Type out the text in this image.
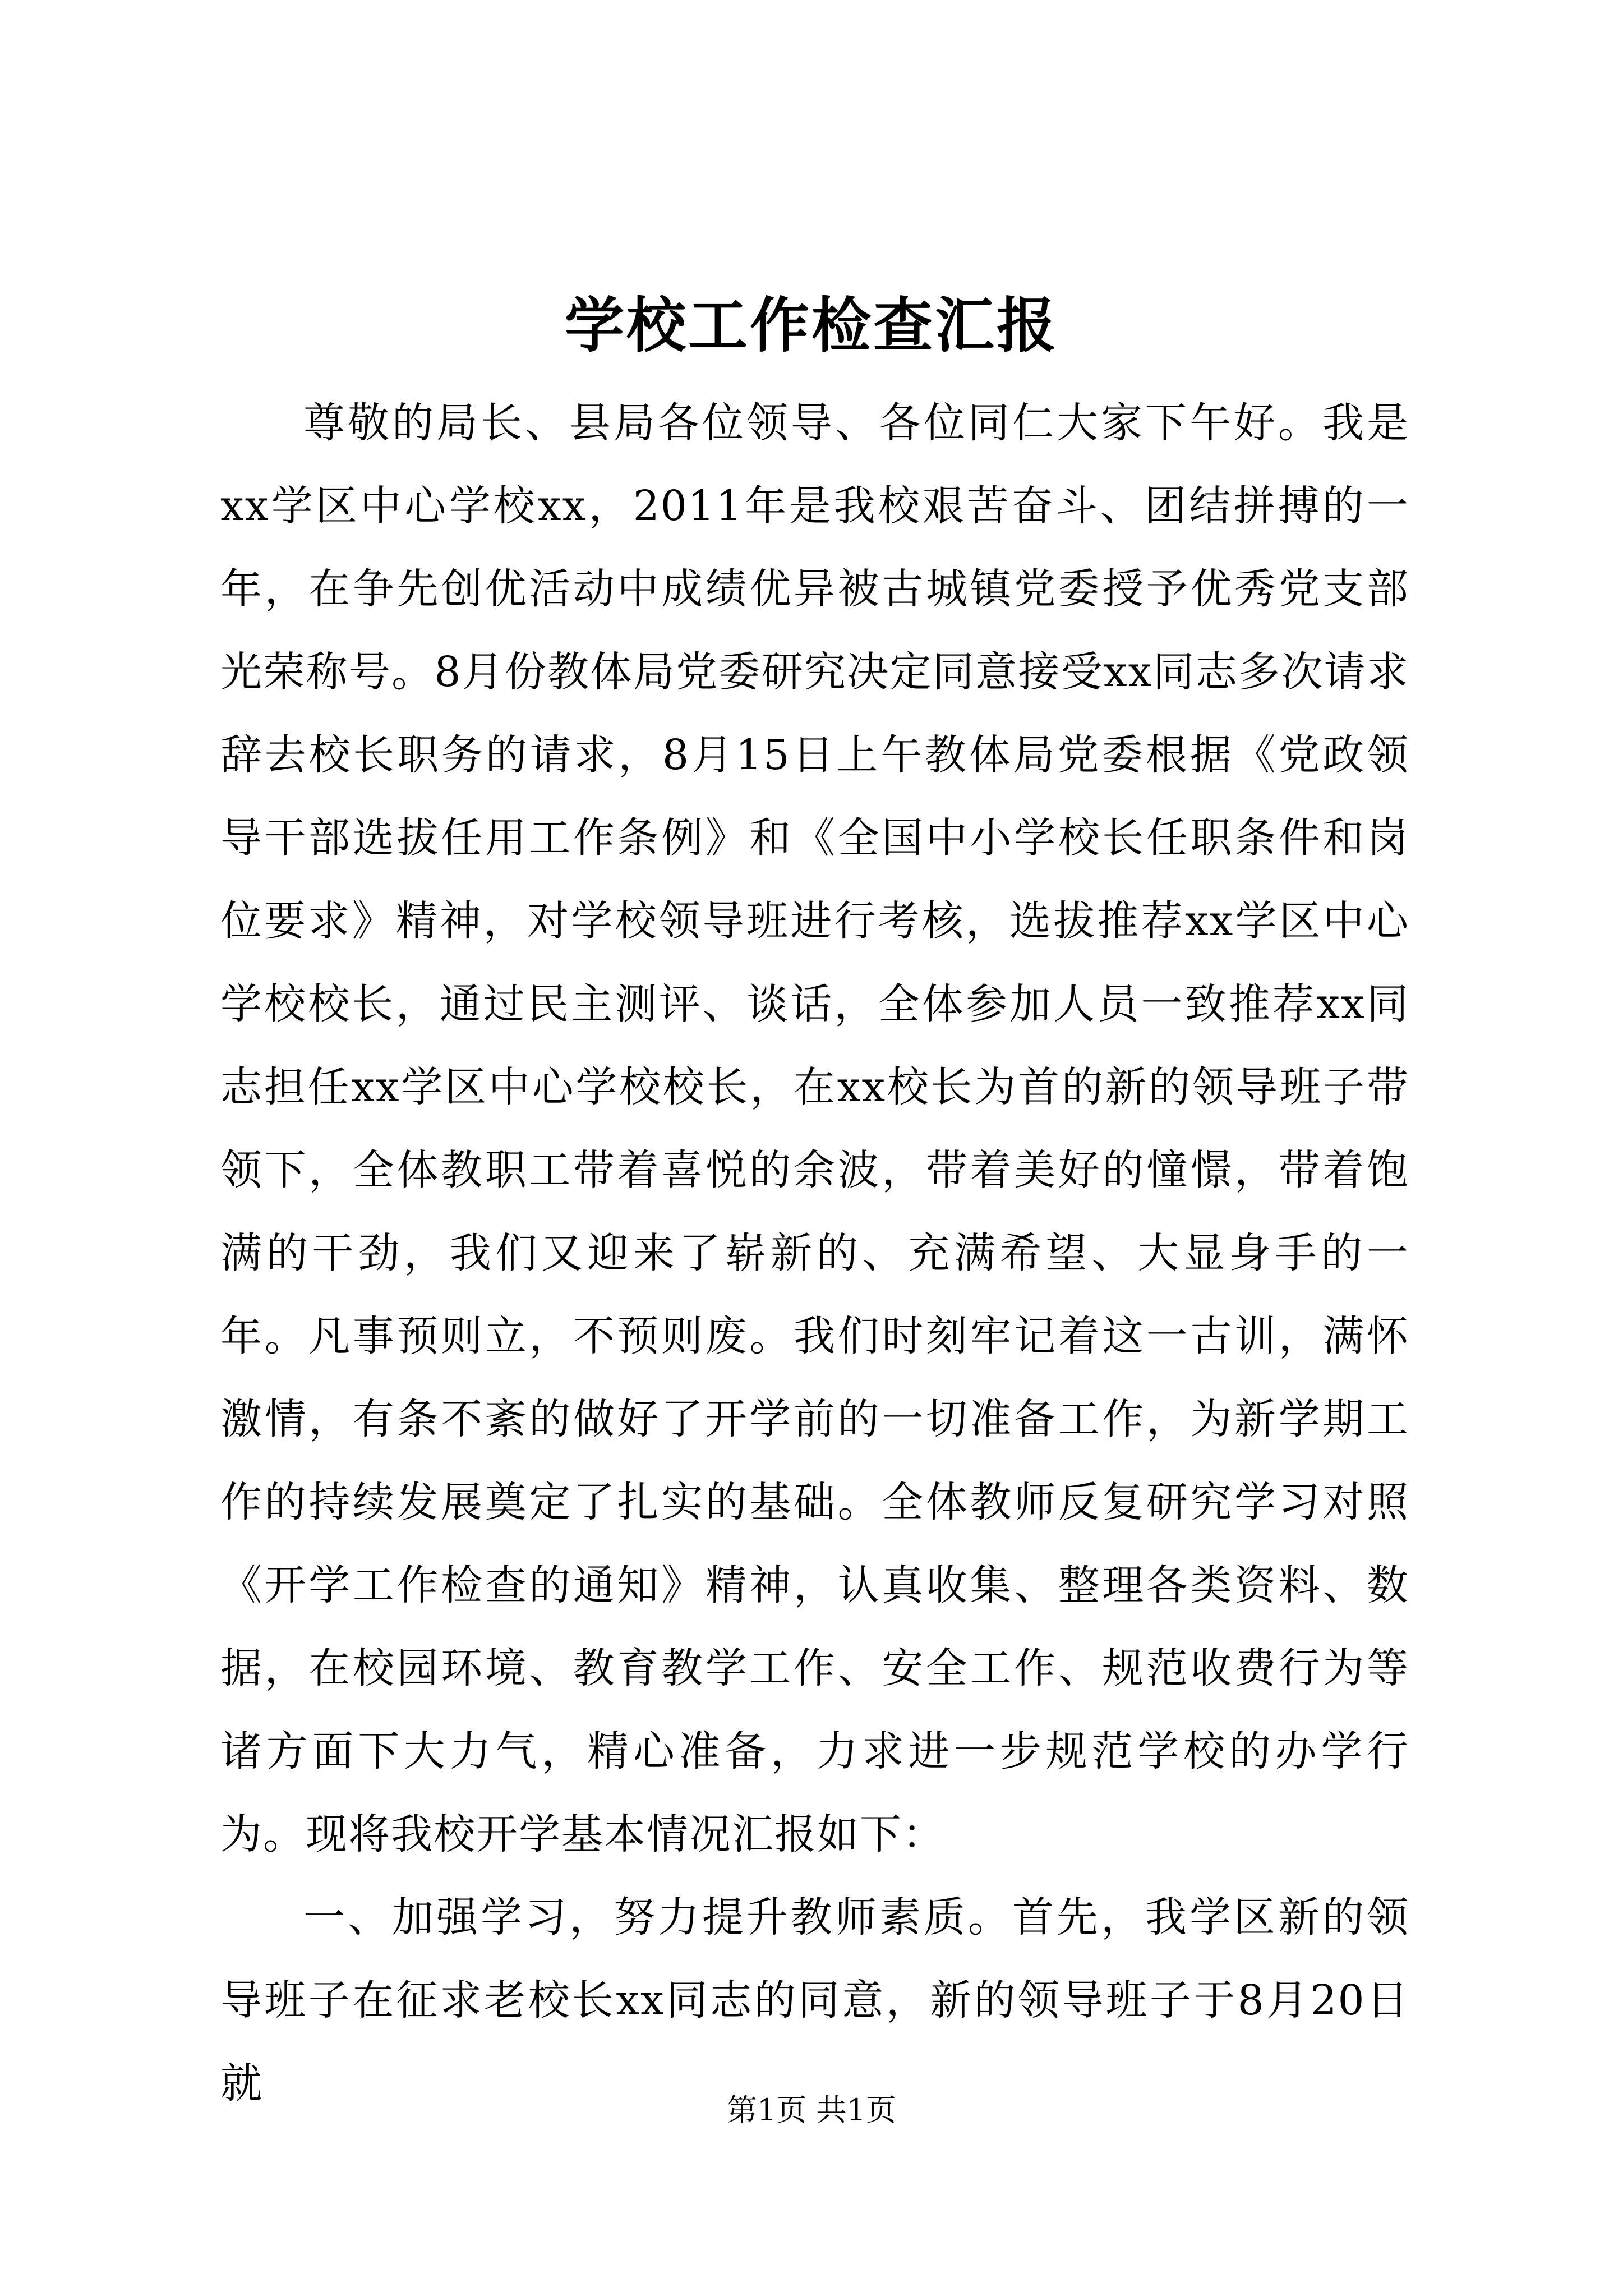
学校工作检查汇报

尊敬的局长、县局各位领导、各位同仁大家下午好。我是xx学区中心学校xx，2011年是我校艰苦奋斗、团结拼搏的一年，在争先创优活动中成绩优异被古城镇党委授予优秀党支部光荣称号。8月份教体局党委研究决定同意接受xx同志多次请求辞去校长职务的请求，8月15日上午教体局党委根据《党政领导干部选拔任用工作条例》和《全国中小学校长任职条件和岗位要求》精神，对学校领导班进行考核，选拔推荐xx学区中心学校校长，通过民主测评、谈话，全体参加人员一致推荐xx同志担任xx学区中心学校校长，在xx校长为首的新的领导班子带领下，全体教职工带着喜悦的余波，带着美好的憧憬，带着饱满的干劲，我们又迎来了崭新的、充满希望、大显身手的一年。凡事预则立，不预则废。我们时刻牢记着这一古训，满怀激情，有条不紊的做好了开学前的一切准备工作，为新学期工作的持续发展奠定了扎实的基础。全体教师反复研究学习对照《开学工作检查的通知》精神，认真收集、整理各类资料、数据，在校园环境、教育教学工作、安全工作、规范收费行为等诸方面下大力气，精心准备，力求进一步规范学校的办学行为。现将我校开学基本情况汇报如下：

一、加强学习，努力提升教师素质。首先，我学区新的领导班子在征求老校长xx同志的同意，新的领导班子于8月20日就

第1页 共1页
